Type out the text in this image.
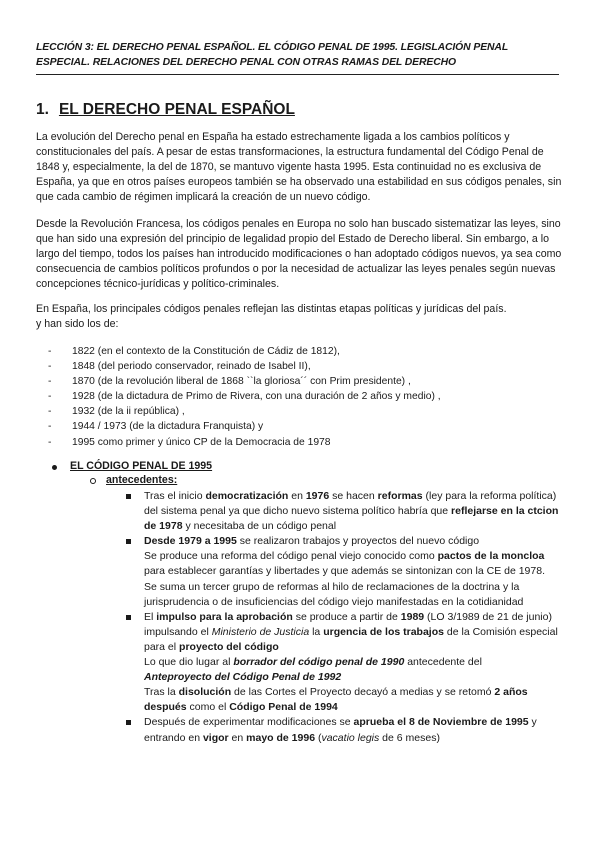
LECCIÓN 3: EL DERECHO PENAL ESPAÑOL. EL CÓDIGO PENAL DE 1995. LEGISLACIÓN PENAL
ESPECIAL. RELACIONES DEL DERECHO PENAL CON OTRAS RAMAS DEL DERECHO
1. EL DERECHO PENAL ESPAÑOL
La evolución del Derecho penal en España ha estado estrechamente ligada a los cambios políticos y constitucionales del país. A pesar de estas transformaciones, la estructura fundamental del Código Penal de 1848 y, especialmente, la del de 1870, se mantuvo vigente hasta 1995. Esta continuidad no es exclusiva de España, ya que en otros países europeos también se ha observado una estabilidad en sus códigos penales, sin que cada cambio de régimen implicará la creación de un nuevo código.
Desde la Revolución Francesa, los códigos penales en Europa no solo han buscado sistematizar las leyes, sino que han sido una expresión del principio de legalidad propio del Estado de Derecho liberal. Sin embargo, a lo largo del tiempo, todos los países han introducido modificaciones o han adoptado códigos nuevos, ya sea como consecuencia de cambios políticos profundos o por la necesidad de actualizar las leyes penales según nuevas concepciones técnico-jurídicas y político-criminales.
En España, los principales códigos penales reflejan las distintas etapas políticas y jurídicas del país.
y han sido los de:
- 1822 (en el contexto de la Constitución de Cádiz de 1812),
- 1848 (del periodo conservador, reinado de Isabel II),
- 1870 (de la revolución liberal de 1868 ``la gloriosa´´ con Prim presidente) ,
- 1928 (de la dictadura de Primo de Rivera, con una duración de 2 años y medio) ,
- 1932 (de la ii república) ,
- 1944 / 1973 (de la dictadura Franquista) y
- 1995 como primer y único CP de la Democracia de 1978
EL CÓDIGO PENAL DE 1995
antecedentes:
Tras el inicio democratización en 1976 se hacen reformas (ley para la reforma política) del sistema penal ya que dicho nuevo sistema político habría que reflejarse en la ctcion de 1978 y necesitaba de un código penal
Desde 1979 a 1995 se realizaron trabajos y proyectos del nuevo código
Se produce una reforma del código penal viejo conocido como pactos de la moncloa para establecer garantías y libertades y que además se sintonizan con la CE de 1978.
Se suma un tercer grupo de reformas al hilo de reclamaciones de la doctrina y la jurisprudencia o de insuficiencias del código viejo manifestadas en la cotidianidad
El impulso para la aprobación se produce a partir de 1989 (LO 3/1989 de 21 de junio) impulsando el Ministerio de Justicia la urgencia de los trabajos de la Comisión especial para el proyecto del código
Lo que dio lugar al borrador del código penal de 1990 antecedente del
Anteproyecto del Código Penal de 1992
Tras la disolución de las Cortes el Proyecto decayó a medias y se retomó 2 años después como el Código Penal de 1994
Después de experimentar modificaciones se aprueba el 8 de Noviembre de 1995 y entrando en vigor en mayo de 1996 (vacatio legis de 6 meses)
